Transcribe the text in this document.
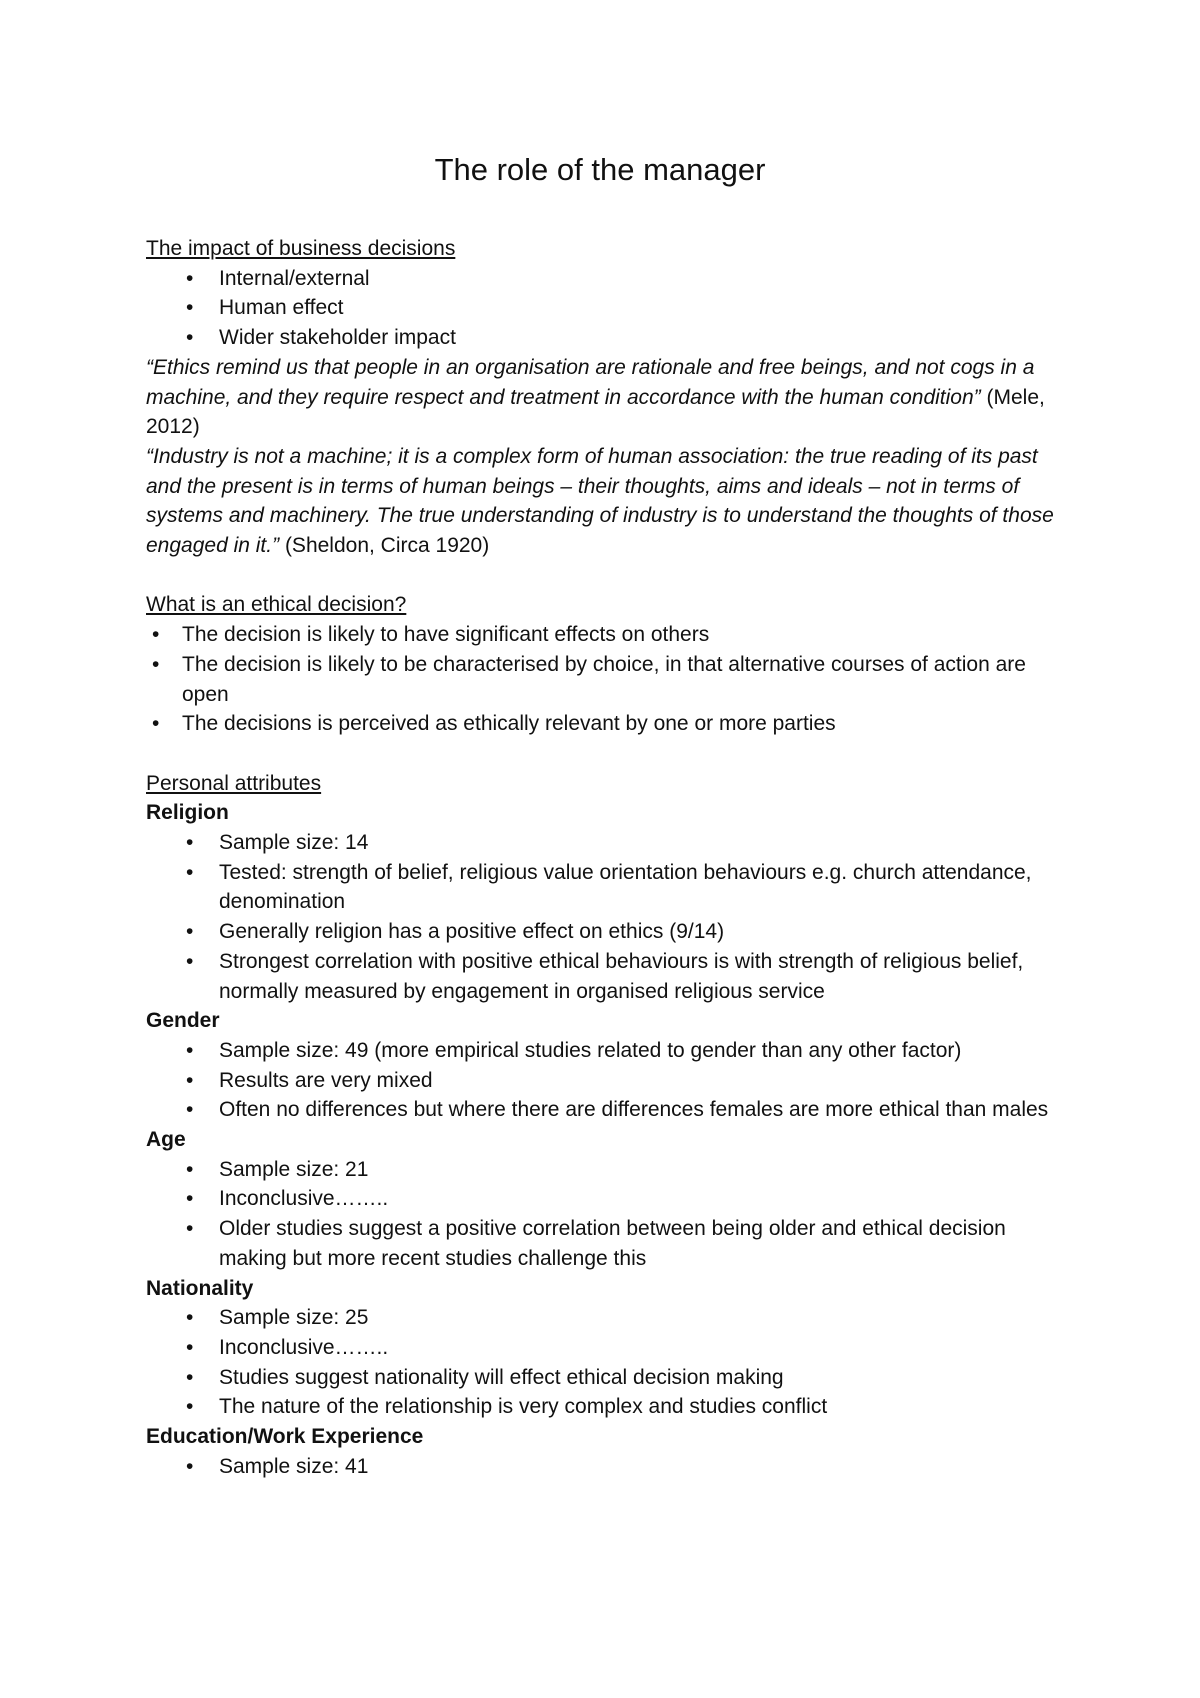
The role of the manager
The impact of business decisions
• Internal/external
• Human effect
• Wider stakeholder impact

“Ethics remind us that people in an organisation are rationale and free beings, and not cogs in a machine, and they require respect and treatment in accordance with the human condition” (Mele, 2012)

“Industry is not a machine; it is a complex form of human association: the true reading of its past and the present is in terms of human beings – their thoughts, aims and ideals – not in terms of systems and machinery. The true understanding of industry is to understand the thoughts of those engaged in it.” (Sheldon, Circa 1920)

What is an ethical decision?
• The decision is likely to have significant effects on others
• The decision is likely to be characterised by choice, in that alternative courses of action are open
• The decisions is perceived as ethically relevant by one or more parties
Personal attributes
Religion
• Sample size: 14
• Tested: strength of belief, religious value orientation behaviours e.g. church attendance, denomination
• Generally religion has a positive effect on ethics (9/14)
• Strongest correlation with positive ethical behaviours is with strength of religious belief, normally measured by engagement in organised religious service
Gender
• Sample size: 49 (more empirical studies related to gender than any other factor)
• Results are very mixed
• Often no differences but where there are differences females are more ethical than males
Age
• Sample size: 21
• Inconclusive……..
• Older studies suggest a positive correlation between being older and ethical decision making but more recent studies challenge this
Nationality
• Sample size: 25
• Inconclusive……..
• Studies suggest nationality will effect ethical decision making
• The nature of the relationship is very complex and studies conflict
Education/Work Experience
• Sample size: 41
